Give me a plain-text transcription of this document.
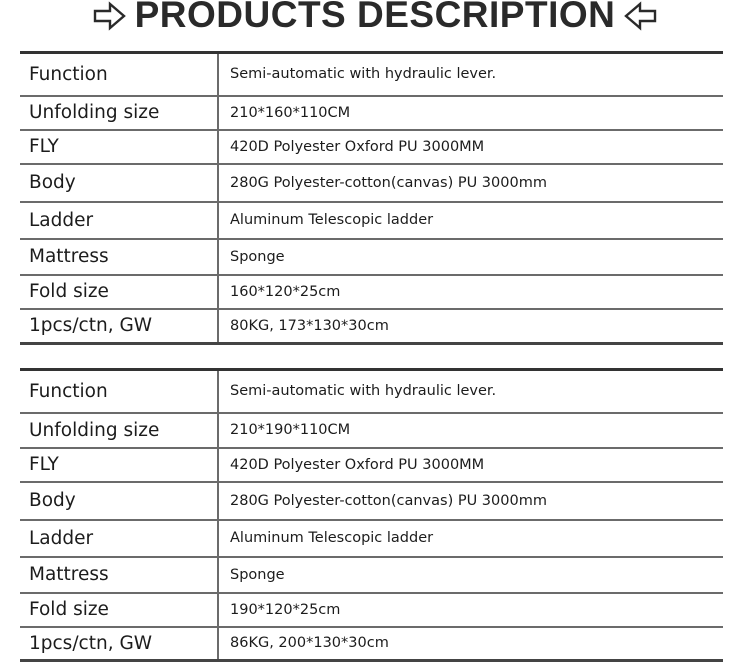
PRODUCTS DESCRIPTION
Function	Semi-automatic with hydraulic lever.
Unfolding size	210*160*110CM
FLY	420D Polyester Oxford PU 3000MM
Body	280G Polyester-cotton(canvas) PU 3000mm
Ladder	Aluminum Telescopic ladder
Mattress	Sponge
Fold size	160*120*25cm
1pcs/ctn, GW	80KG, 173*130*30cm
Function	Semi-automatic with hydraulic lever.
Unfolding size	210*190*110CM
FLY	420D Polyester Oxford PU 3000MM
Body	280G Polyester-cotton(canvas) PU 3000mm
Ladder	Aluminum Telescopic ladder
Mattress	Sponge
Fold size	190*120*25cm
1pcs/ctn, GW	86KG, 200*130*30cm
